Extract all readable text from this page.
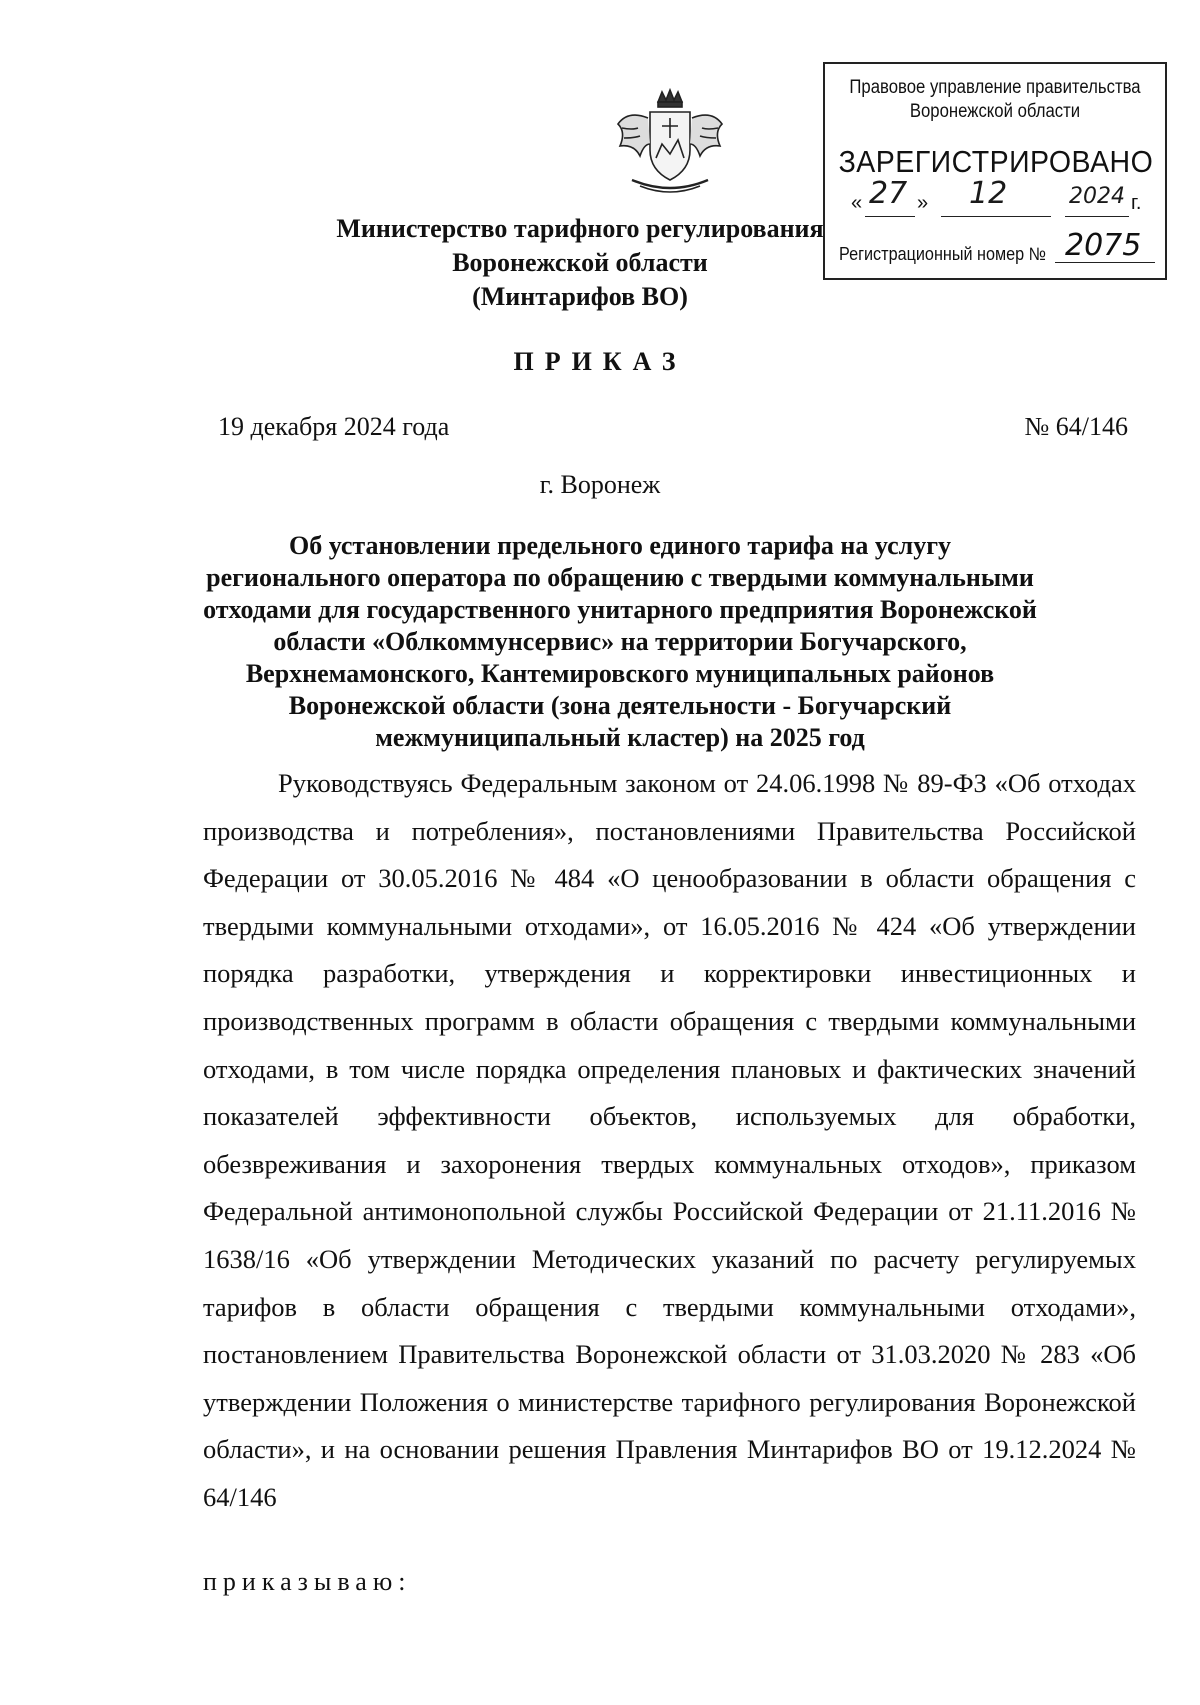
Правовое управление правительства
Воронежской области
ЗАРЕГИСТРИРОВАНО
« 27 » 12	2024 г.
Регистрационный номер № 2075
Министерство тарифного регулирования
Воронежской области
(Минтарифов ВО)
ПРИКАЗ
19 декабря 2024 года	№ 64/146
г. Воронеж
Об установлении предельного единого тарифа на услугу регионального оператора по обращению с твердыми коммунальными отходами для государственного унитарного предприятия Воронежской области «Облкоммунсервис» на территории Богучарского, Верхнемамонского, Кантемировского муниципальных районов Воронежской области (зона деятельности - Богучарский межмуниципальный кластер) на 2025 год
Руководствуясь Федеральным законом от 24.06.1998 № 89-ФЗ «Об отходах производства и потребления», постановлениями Правительства Российской Федерации от 30.05.2016 № 484 «О ценообразовании в области обращения с твердыми коммунальными отходами», от 16.05.2016 № 424 «Об утверждении порядка разработки, утверждения и корректировки инвестиционных и производственных программ в области обращения с твердыми коммунальными отходами, в том числе порядка определения плановых и фактических значений показателей эффективности объектов, используемых для обработки, обезвреживания и захоронения твердых коммунальных отходов», приказом Федеральной антимонопольной службы Российской Федерации от 21.11.2016 № 1638/16 «Об утверждении Методических указаний по расчету регулируемых тарифов в области обращения с твердыми коммунальными отходами», постановлением Правительства Воронежской области от 31.03.2020 № 283 «Об утверждении Положения о министерстве тарифного регулирования Воронежской области», и на основании решения Правления Минтарифов ВО от 19.12.2024 № 64/146
приказываю:
